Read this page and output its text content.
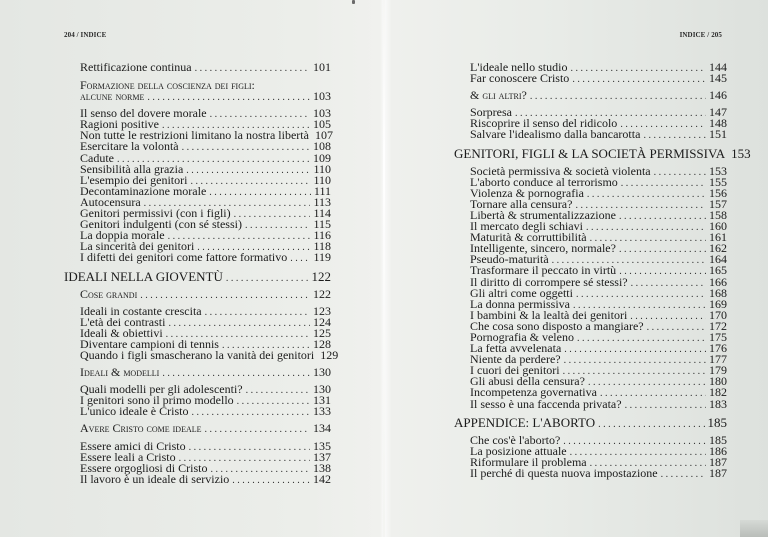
204 / INDICE
Rettificazione continua . . .	101
Formazione della coscienza dei figli:
alcune norme . . .	103
Il senso del dovere morale . . .	103
Ragioni positive . . .	105
Non tutte le restrizioni limitano la nostra libertà 107
Esercitare la volontà . . .	108
Cadute . . .	109
Sensibilità alla grazia . . .	110
L'esempio dei genitori . . .	110
Decontaminazione morale . . .	111
Autocensura . . .	113
Genitori permissivi (con i figli) . . .	114
Genitori indulgenti (con sé stessi) . . .	115
La doppia morale . . .	116
La sincerità dei genitori . . .	118
I difetti dei genitori come fattore formativo . . . 119
IDEALI NELLA GIOVENTÙ . . .	122
Cose grandi . . .	122
Ideali in costante crescita . . .	123
L'età dei contrasti . . .	124
Ideali & obiettivi . . .	125
Diventare campioni di tennis . . .	128
Quando i figli smascherano la vanità dei genitori 129
Ideali & modelli . . .	130
Quali modelli per gli adolescenti? . . .	130
I genitori sono il primo modello . . .	131
L'unico ideale è Cristo . . .	133
Avere Cristo come ideale . . .	134
Essere amici di Cristo . . .	135
Essere leali a Cristo . . .	137
Essere orgogliosi di Cristo . . .	138
Il lavoro è un ideale di servizio . . .	142
INDICE / 205
L'ideale nello studio . . .	144
Far conoscere Cristo . . .	145
& gli altri? . . .	146
Sorpresa . . .	147
Riscoprire il senso del ridicolo . . .	148
Salvare l'idealismo dalla bancarotta . . .	151
GENITORI, FIGLI & LA SOCIETÀ PERMISSIVA 153
Società permissiva & società violenta . . .	153
L'aborto conduce al terrorismo . . .	155
Violenza & pornografia . . .	156
Tornare alla censura? . . .	157
Libertà & strumentalizzazione . . .	158
Il mercato degli schiavi . . .	160
Maturità & corruttibilità . . .	161
Intelligente, sincero, normale? . . .	162
Pseudo-maturità . . .	164
Trasformare il peccato in virtù . . .	165
Il diritto di corrompere sé stessi? . . .	166
Gli altri come oggetti . . .	168
La donna permissiva . . .	169
I bambini & la lealtà dei genitori . . .	170
Che cosa sono disposto a mangiare? . . .	172
Pornografia & veleno . . .	175
La fetta avvelenata . . .	176
Niente da perdere? . . .	177
I cuori dei genitori . . .	179
Gli abusi della censura? . . .	180
Incompetenza governativa . . .	182
Il sesso è una faccenda privata? . . .	183
APPENDICE: L'ABORTO . . .	185
Che cos'è l'aborto? . . .	185
La posizione attuale . . .	186
Riformulare il problema . . .	187
Il perché di questa nuova impostazione . . .	187
